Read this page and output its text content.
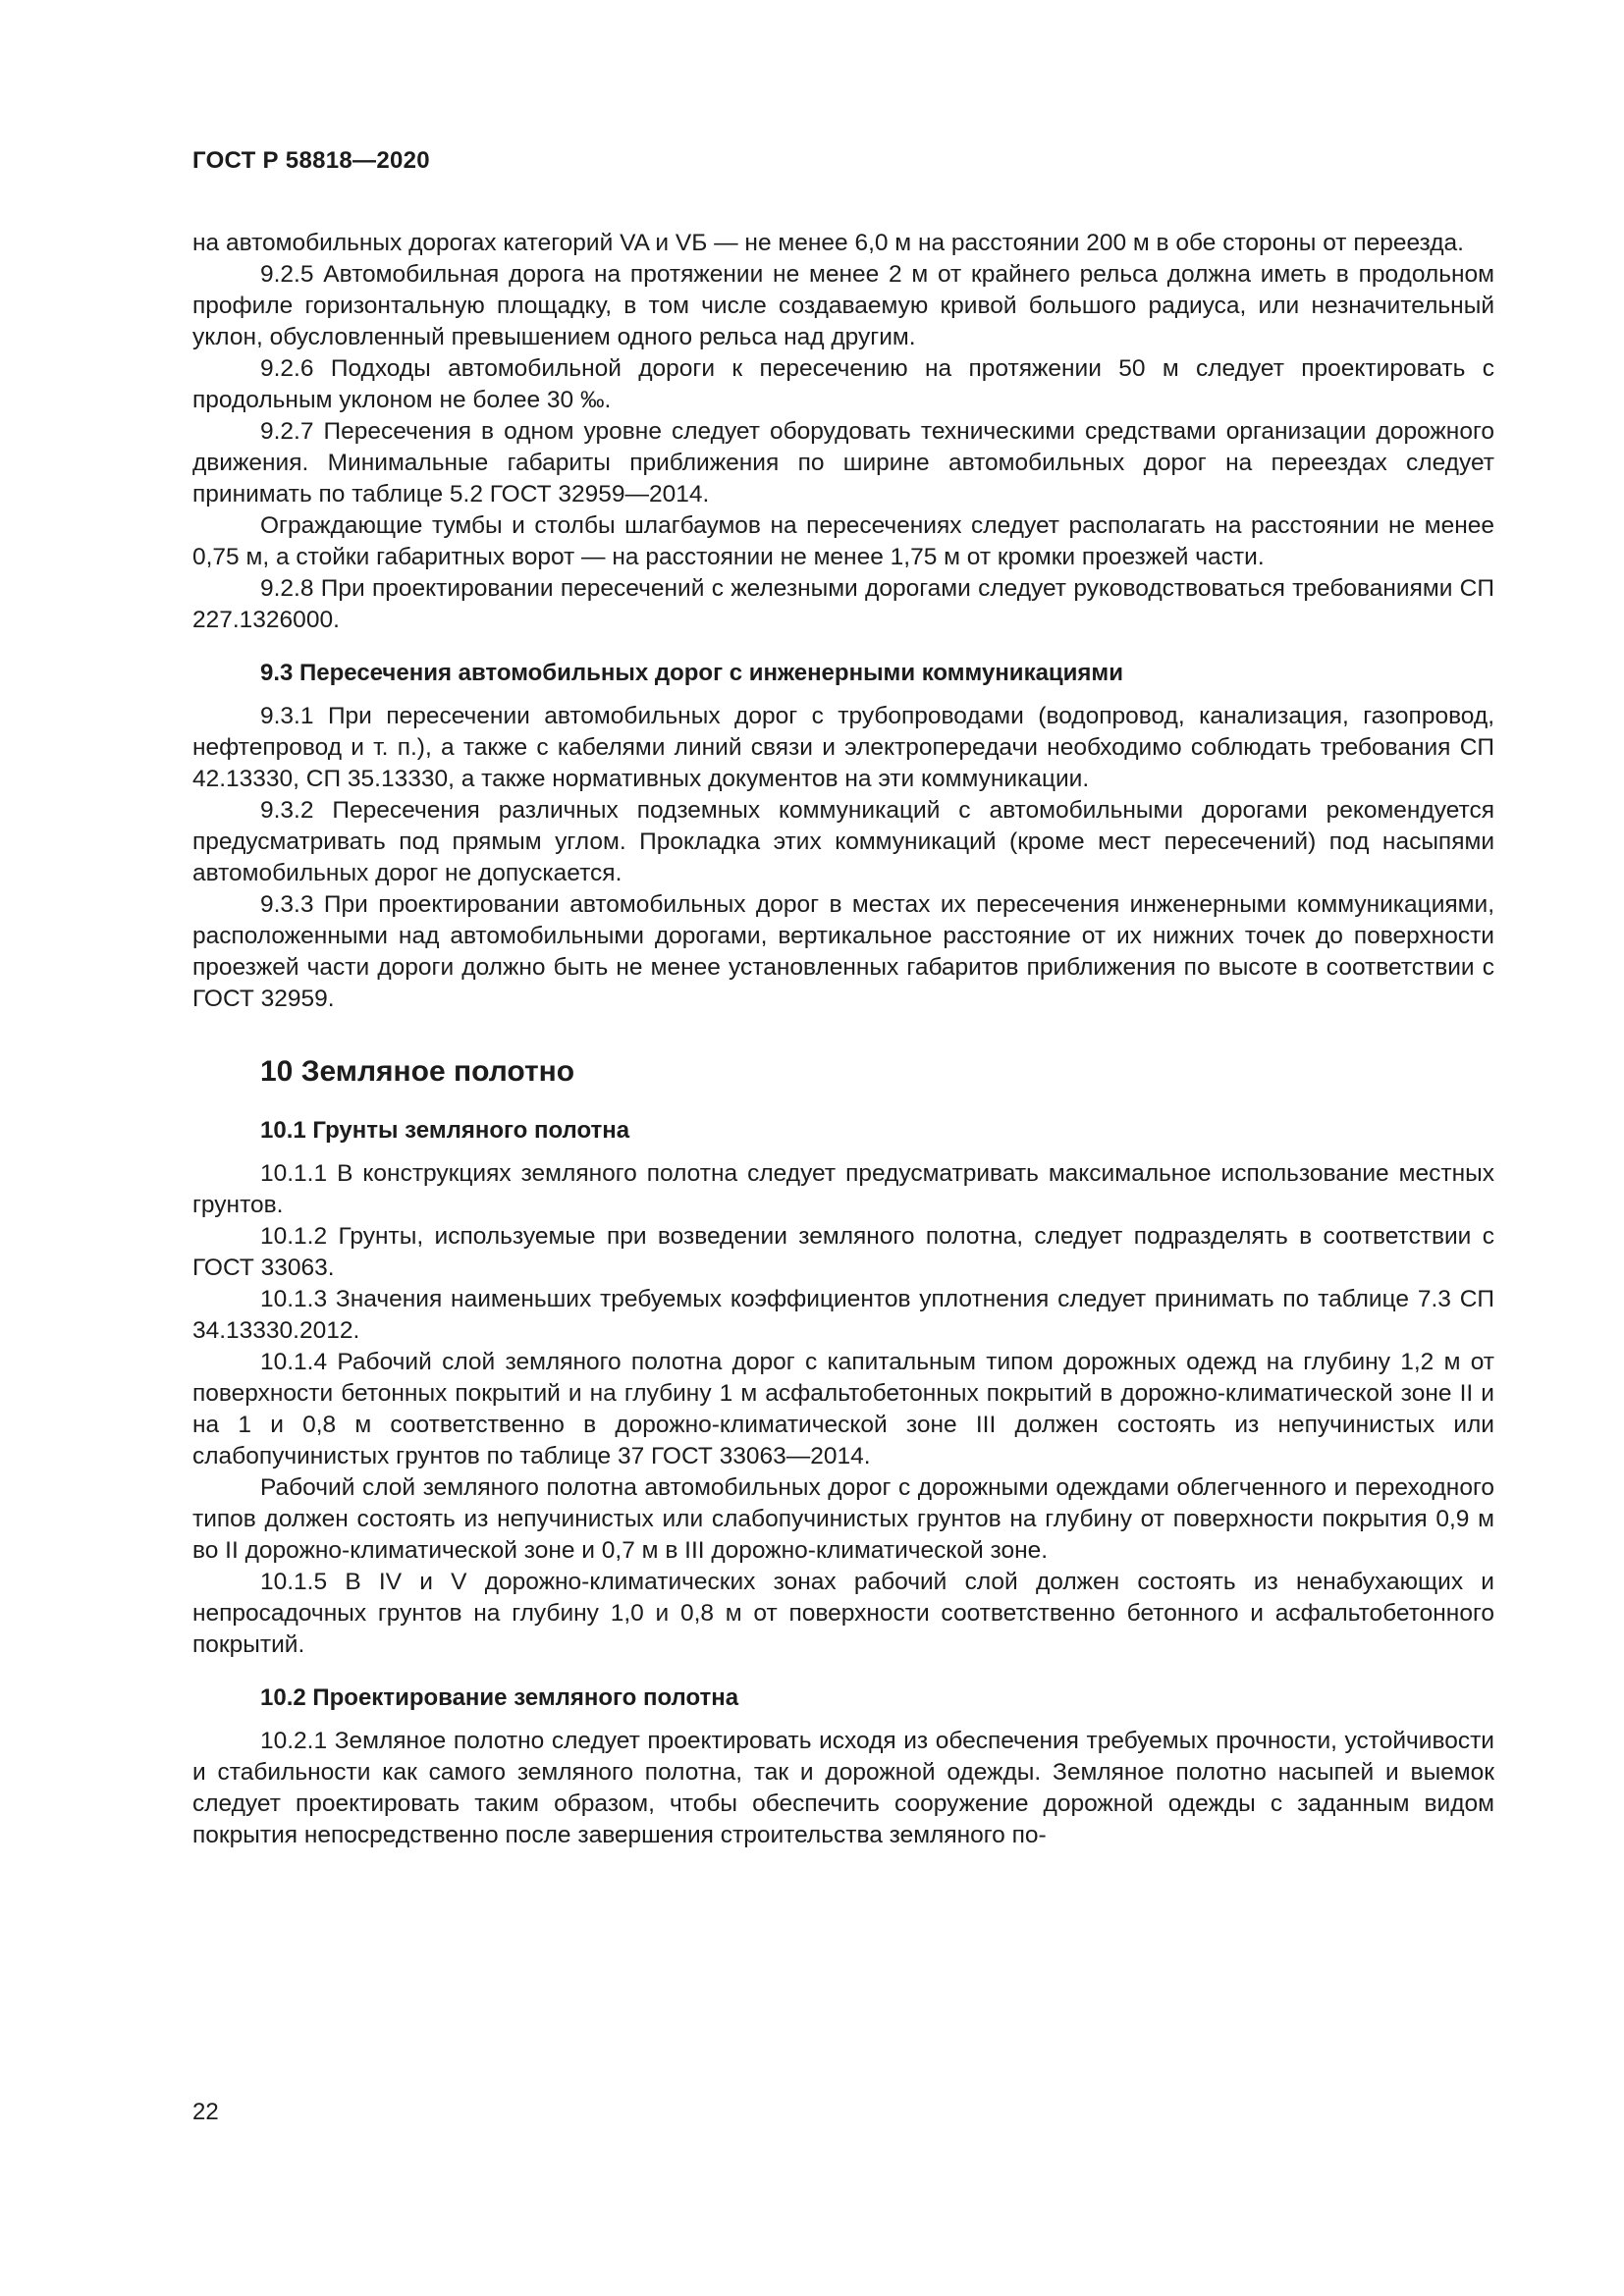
ГОСТ Р 58818—2020

на автомобильных дорогах категорий VA и VБ — не менее 6,0 м на расстоянии 200 м в обе стороны от переезда.

9.2.5 Автомобильная дорога на протяжении не менее 2 м от крайнего рельса должна иметь в продольном профиле горизонтальную площадку, в том числе создаваемую кривой большого радиуса, или незначительный уклон, обусловленный превышением одного рельса над другим.

9.2.6 Подходы автомобильной дороги к пересечению на протяжении 50 м следует проектировать с продольным уклоном не более 30 ‰.

9.2.7 Пересечения в одном уровне следует оборудовать техническими средствами организации дорожного движения. Минимальные габариты приближения по ширине автомобильных дорог на переездах следует принимать по таблице 5.2 ГОСТ 32959—2014.

Ограждающие тумбы и столбы шлагбаумов на пересечениях следует располагать на расстоянии не менее 0,75 м, а стойки габаритных ворот — на расстоянии не менее 1,75 м от кромки проезжей части.

9.2.8 При проектировании пересечений с железными дорогами следует руководствоваться требованиями СП 227.1326000.

9.3 Пересечения автомобильных дорог с инженерными коммуникациями

9.3.1 При пересечении автомобильных дорог с трубопроводами (водопровод, канализация, газопровод, нефтепровод и т. п.), а также с кабелями линий связи и электропередачи необходимо соблюдать требования СП 42.13330, СП 35.13330, а также нормативных документов на эти коммуникации.

9.3.2 Пересечения различных подземных коммуникаций с автомобильными дорогами рекомендуется предусматривать под прямым углом. Прокладка этих коммуникаций (кроме мест пересечений) под насыпями автомобильных дорог не допускается.

9.3.3 При проектировании автомобильных дорог в местах их пересечения инженерными коммуникациями, расположенными над автомобильными дорогами, вертикальное расстояние от их нижних точек до поверхности проезжей части дороги должно быть не менее установленных габаритов приближения по высоте в соответствии с ГОСТ 32959.

10 Земляное полотно
10.1 Грунты земляного полотна

10.1.1 В конструкциях земляного полотна следует предусматривать максимальное использование местных грунтов.

10.1.2 Грунты, используемые при возведении земляного полотна, следует подразделять в соответствии с ГОСТ 33063.

10.1.3 Значения наименьших требуемых коэффициентов уплотнения следует принимать по таблице 7.3 СП 34.13330.2012.

10.1.4 Рабочий слой земляного полотна дорог с капитальным типом дорожных одежд на глубину 1,2 м от поверхности бетонных покрытий и на глубину 1 м асфальтобетонных покрытий в дорожно-климатической зоне II и на 1 и 0,8 м соответственно в дорожно-климатической зоне III должен состоять из непучинистых или слабопучинистых грунтов по таблице 37 ГОСТ 33063—2014.

Рабочий слой земляного полотна автомобильных дорог с дорожными одеждами облегченного и переходного типов должен состоять из непучинистых или слабопучинистых грунтов на глубину от поверхности покрытия 0,9 м во II дорожно-климатической зоне и 0,7 м в III дорожно-климатической зоне.

10.1.5 В IV и V дорожно-климатических зонах рабочий слой должен состоять из ненабухающих и непросадочных грунтов на глубину 1,0 и 0,8 м от поверхности соответственно бетонного и асфальтобетонного покрытий.

10.2 Проектирование земляного полотна

10.2.1 Земляное полотно следует проектировать исходя из обеспечения требуемых прочности, устойчивости и стабильности как самого земляного полотна, так и дорожной одежды. Земляное полотно насыпей и выемок следует проектировать таким образом, чтобы обеспечить сооружение дорожной одежды с заданным видом покрытия непосредственно после завершения строительства земляного по-

22
